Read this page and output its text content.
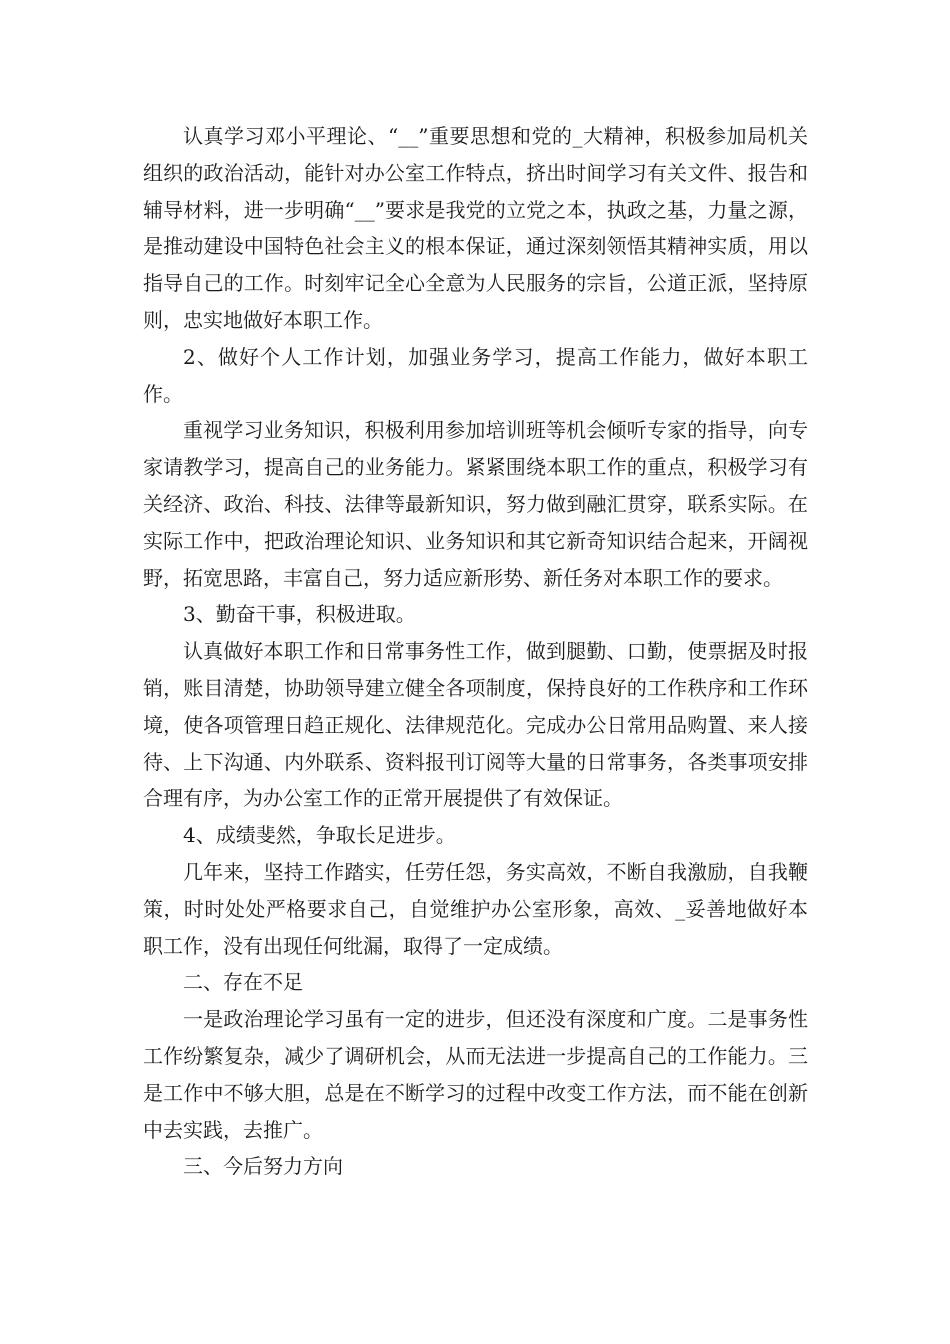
认真学习邓小平理论、“__”重要思想和党的_大精神，积极参加局机关组织的政治活动，能针对办公室工作特点，挤出时间学习有关文件、报告和辅导材料，进一步明确“__”要求是我党的立党之本，执政之基，力量之源，是推动建设中国特色社会主义的根本保证，通过深刻领悟其精神实质，用以指导自己的工作。时刻牢记全心全意为人民服务的宗旨，公道正派，坚持原则，忠实地做好本职工作。

2、做好个人工作计划，加强业务学习，提高工作能力，做好本职工作。

重视学习业务知识，积极利用参加培训班等机会倾听专家的指导，向专家请教学习，提高自己的业务能力。紧紧围绕本职工作的重点，积极学习有关经济、政治、科技、法律等最新知识，努力做到融汇贯穿，联系实际。在实际工作中，把政治理论知识、业务知识和其它新奇知识结合起来，开阔视野，拓宽思路，丰富自己，努力适应新形势、新任务对本职工作的要求。

3、勤奋干事，积极进取。

认真做好本职工作和日常事务性工作，做到腿勤、口勤，使票据及时报销，账目清楚，协助领导建立健全各项制度，保持良好的工作秩序和工作环境，使各项管理日趋正规化、法律规范化。完成办公日常用品购置、来人接待、上下沟通、内外联系、资料报刊订阅等大量的日常事务，各类事项安排合理有序，为办公室工作的正常开展提供了有效保证。

4、成绩斐然，争取长足进步。

几年来，坚持工作踏实，任劳任怨，务实高效，不断自我激励，自我鞭策，时时处处严格要求自己，自觉维护办公室形象，高效、_妥善地做好本职工作，没有出现任何纰漏，取得了一定成绩。

二、存在不足

一是政治理论学习虽有一定的进步，但还没有深度和广度。二是事务性工作纷繁复杂，减少了调研机会，从而无法进一步提高自己的工作能力。三是工作中不够大胆，总是在不断学习的过程中改变工作方法，而不能在创新中去实践，去推广。

三、今后努力方向
